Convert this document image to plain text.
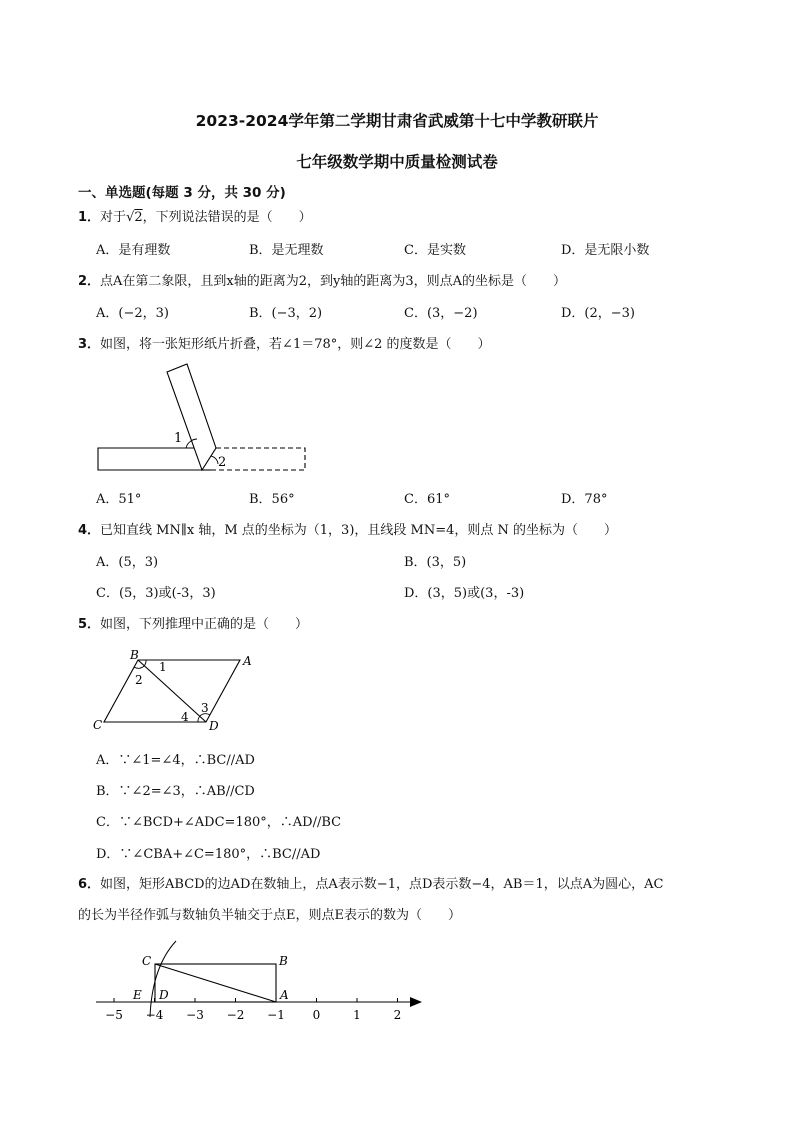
2023-2024学年第二学期甘肃省武威第十七中学教研联片
七年级数学期中质量检测试卷
一、单选题(每题 3 分，共 30 分)
1．对于√2，下列说法错误的是（　　）
A．是有理数	B．是无理数	C．是实数	D．是无限小数
2．点A在第二象限，且到x轴的距离为2，到y轴的距离为3，则点A的坐标是（　　）
A．(−2，3)	B．(−3，2)	C．(3，−2)	D．(2，−3)
3．如图，将一张矩形纸片折叠，若∠1＝78°，则∠2 的度数是（　　）
1
2
A．51°	B．56°	C．61°	D．78°
4．已知直线 MN∥x 轴，M 点的坐标为（1，3)，且线段 MN=4，则点 N 的坐标为（　　）
A．(5，3)	B．(3，5)
C．(5，3)或(-3，3)	D．(3，5)或(3，-3)
5．如图，下列推理中正确的是（　　）
B	A
C	D
1
2
3
4
A．∵∠1=∠4，∴BC//AD
B．∵∠2=∠3，∴AB//CD
C．∵∠BCD+∠ADC=180°，∴AD//BC
D．∵∠CBA+∠C=180°，∴BC//AD
6．如图，矩形ABCD的边AD在数轴上，点A表示数−1，点D表示数−4，AB＝1，以点A为圆心，AC
的长为半径作弧与数轴负半轴交于点E，则点E表示的数为（　　）
−5 −4 −3 −2 −1 0	1	2
C	B
E D	A
